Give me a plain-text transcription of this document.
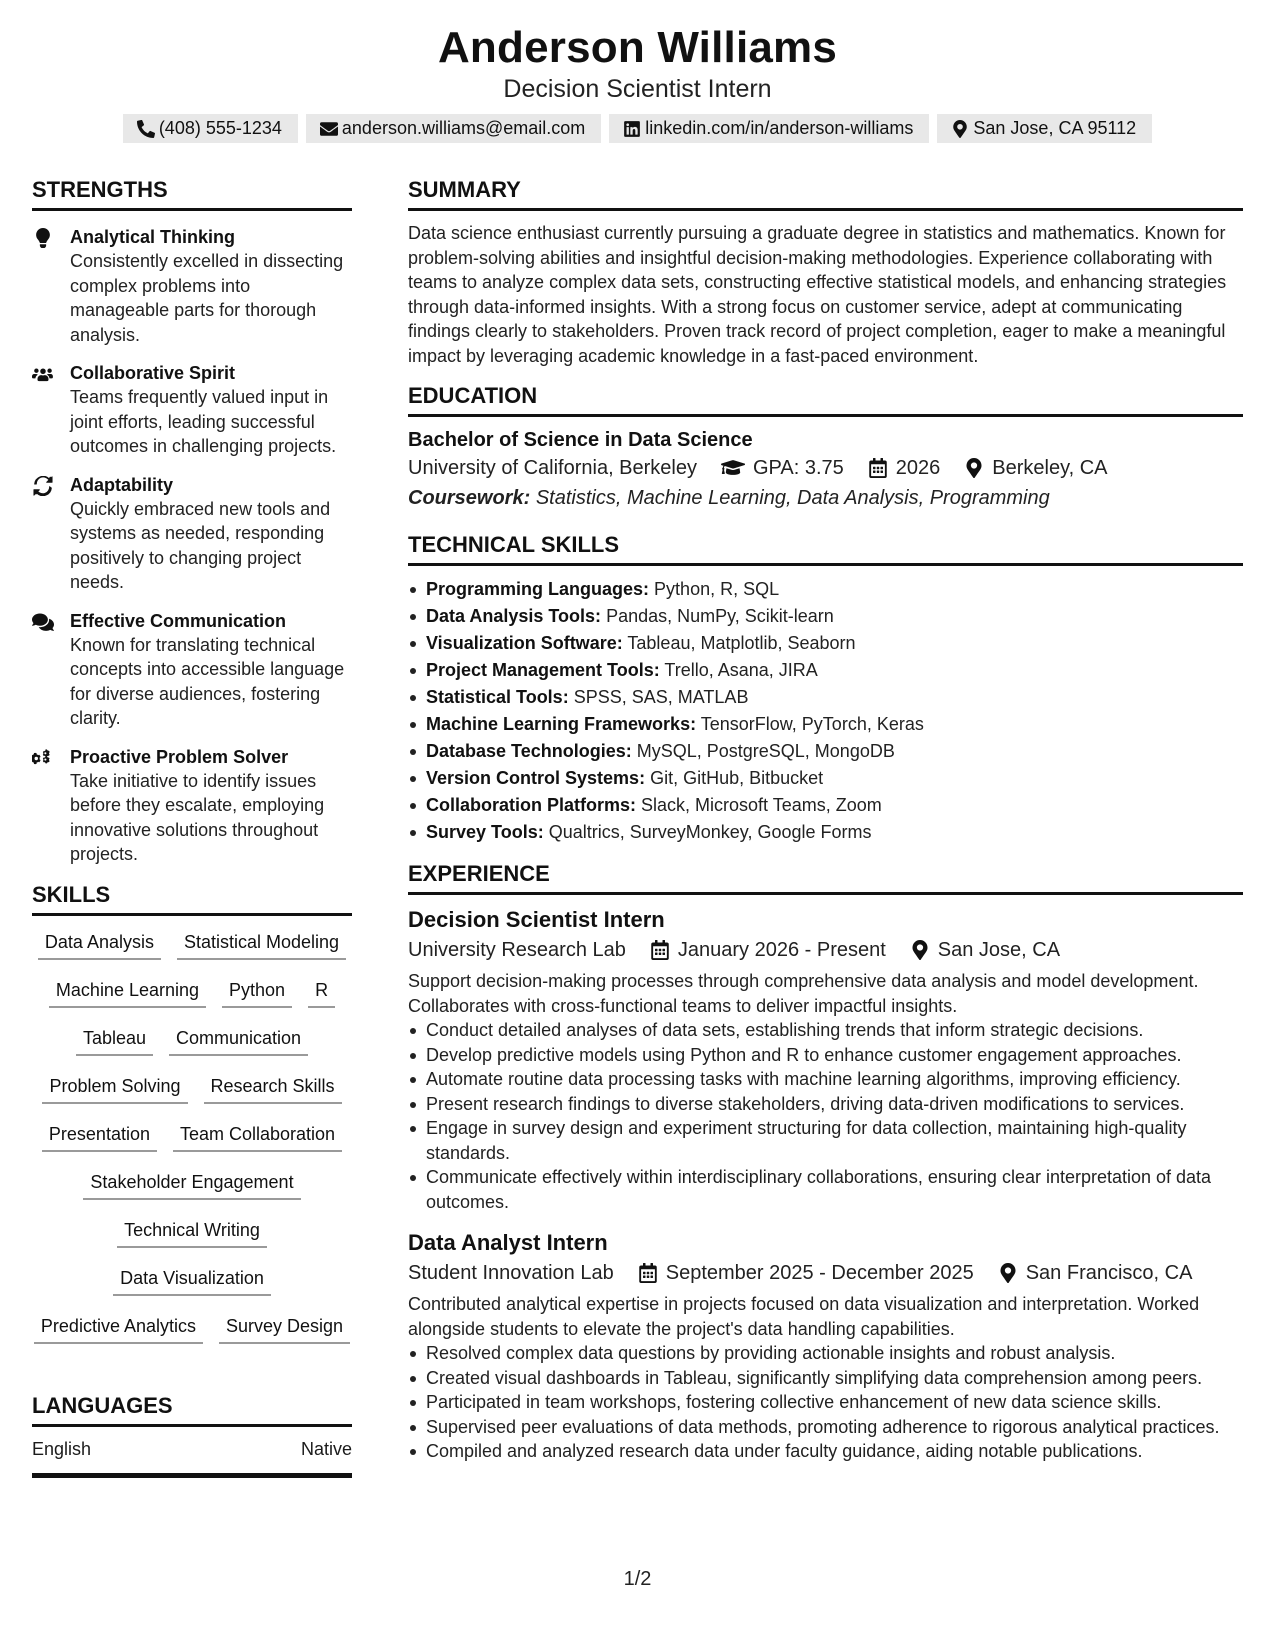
Anderson Williams
Decision Scientist Intern
(408) 555-1234	anderson.williams@email.com	linkedin.com/in/anderson-williams	San Jose, CA 95112
STRENGTHS
Analytical Thinking
Consistently excelled in dissecting complex problems into manageable parts for thorough analysis.
Collaborative Spirit
Teams frequently valued input in joint efforts, leading successful outcomes in challenging projects.
Adaptability
Quickly embraced new tools and systems as needed, responding positively to changing project needs.
Effective Communication
Known for translating technical concepts into accessible language for diverse audiences, fostering clarity.
Proactive Problem Solver
Take initiative to identify issues before they escalate, employing innovative solutions throughout projects.
SKILLS
Data Analysis	Statistical Modeling
Machine Learning	Python	R
Tableau	Communication
Problem Solving	Research Skills
Presentation	Team Collaboration
Stakeholder Engagement
Technical Writing
Data Visualization
Predictive Analytics	Survey Design
LANGUAGES
English	Native
SUMMARY
Data science enthusiast currently pursuing a graduate degree in statistics and mathematics. Known for problem-solving abilities and insightful decision-making methodologies. Experience collaborating with teams to analyze complex data sets, constructing effective statistical models, and enhancing strategies through data-informed insights. With a strong focus on customer service, adept at communicating findings clearly to stakeholders. Proven track record of project completion, eager to make a meaningful impact by leveraging academic knowledge in a fast-paced environment.
EDUCATION
Bachelor of Science in Data Science
University of California, Berkeley	GPA: 3.75	2026	Berkeley, CA
Coursework: Statistics, Machine Learning, Data Analysis, Programming
TECHNICAL SKILLS
Programming Languages: Python, R, SQL
Data Analysis Tools: Pandas, NumPy, Scikit-learn
Visualization Software: Tableau, Matplotlib, Seaborn
Project Management Tools: Trello, Asana, JIRA
Statistical Tools: SPSS, SAS, MATLAB
Machine Learning Frameworks: TensorFlow, PyTorch, Keras
Database Technologies: MySQL, PostgreSQL, MongoDB
Version Control Systems: Git, GitHub, Bitbucket
Collaboration Platforms: Slack, Microsoft Teams, Zoom
Survey Tools: Qualtrics, SurveyMonkey, Google Forms
EXPERIENCE
Decision Scientist Intern
University Research Lab	January 2026 - Present	San Jose, CA
Support decision-making processes through comprehensive data analysis and model development. Collaborates with cross-functional teams to deliver impactful insights.
Conduct detailed analyses of data sets, establishing trends that inform strategic decisions.
Develop predictive models using Python and R to enhance customer engagement approaches.
Automate routine data processing tasks with machine learning algorithms, improving efficiency.
Present research findings to diverse stakeholders, driving data-driven modifications to services.
Engage in survey design and experiment structuring for data collection, maintaining high-quality standards.
Communicate effectively within interdisciplinary collaborations, ensuring clear interpretation of data outcomes.
Data Analyst Intern
Student Innovation Lab	September 2025 - December 2025	San Francisco, CA
Contributed analytical expertise in projects focused on data visualization and interpretation. Worked alongside students to elevate the project's data handling capabilities.
Resolved complex data questions by providing actionable insights and robust analysis.
Created visual dashboards in Tableau, significantly simplifying data comprehension among peers.
Participated in team workshops, fostering collective enhancement of new data science skills.
Supervised peer evaluations of data methods, promoting adherence to rigorous analytical practices.
Compiled and analyzed research data under faculty guidance, aiding notable publications.
1/2
